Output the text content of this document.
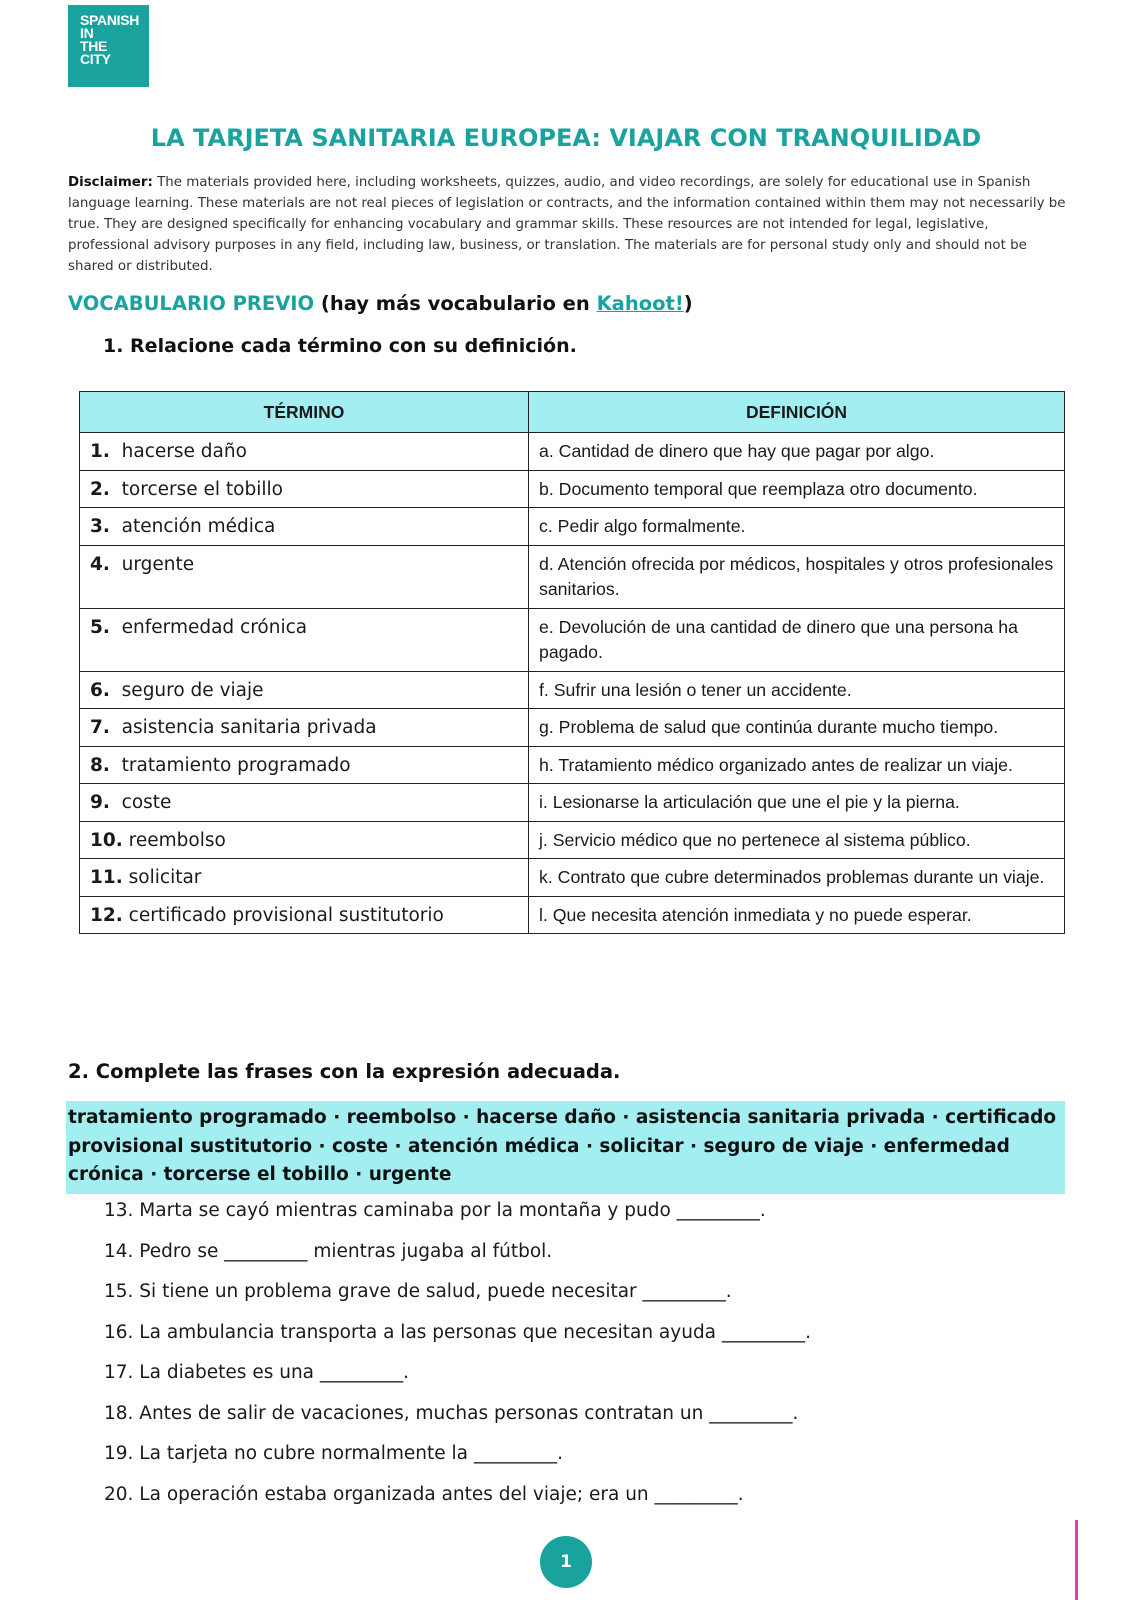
SPANISH
IN
THE
CITY
LA TARJETA SANITARIA EUROPEA: VIAJAR CON TRANQUILIDAD

Disclaimer: The materials provided here, including worksheets, quizzes, audio, and video recordings, are solely for educational use in Spanish language learning. These materials are not real pieces of legislation or contracts, and the information contained within them may not necessarily be true. They are designed specifically for enhancing vocabulary and grammar skills. These resources are not intended for legal, legislative, professional advisory purposes in any field, including law, business, or translation. The materials are for personal study only and should not be shared or distributed.

VOCABULARIO PREVIO (hay más vocabulario en Kahoot!)
1. Relacione cada término con su definición.
TÉRMINO	DEFINICIÓN
1. hacerse daño	a. Cantidad de dinero que hay que pagar por algo.
2. torcerse el tobillo	b. Documento temporal que reemplaza otro documento.
3. atención médica	c. Pedir algo formalmente.
4. urgente	d. Atención ofrecida por médicos, hospitales y otros profesionales sanitarios.
5. enfermedad crónica	e. Devolución de una cantidad de dinero que una persona ha pagado.
6. seguro de viaje	f. Sufrir una lesión o tener un accidente.
7. asistencia sanitaria privada	g. Problema de salud que continúa durante mucho tiempo.
8. tratamiento programado	h. Tratamiento médico organizado antes de realizar un viaje.
9. coste	i. Lesionarse la articulación que une el pie y la pierna.
10. reembolso	j. Servicio médico que no pertenece al sistema público.
11. solicitar	k. Contrato que cubre determinados problemas durante un viaje.
12. certificado provisional sustitutorio	l. Que necesita atención inmediata y no puede esperar.
2. Complete las frases con la expresión adecuada.
tratamiento programado · reembolso · hacerse daño · asistencia sanitaria privada · certificado provisional sustitutorio · coste · atención médica · solicitar · seguro de viaje · enfermedad crónica · torcerse el tobillo · urgente
13. Marta se cayó mientras caminaba por la montaña y pudo _________.
14. Pedro se _________ mientras jugaba al fútbol.
15. Si tiene un problema grave de salud, puede necesitar _________.
16. La ambulancia transporta a las personas que necesitan ayuda _________.
17. La diabetes es una _________.
18. Antes de salir de vacaciones, muchas personas contratan un _________.
19. La tarjeta no cubre normalmente la _________.
20. La operación estaba organizada antes del viaje; era un _________.
1
